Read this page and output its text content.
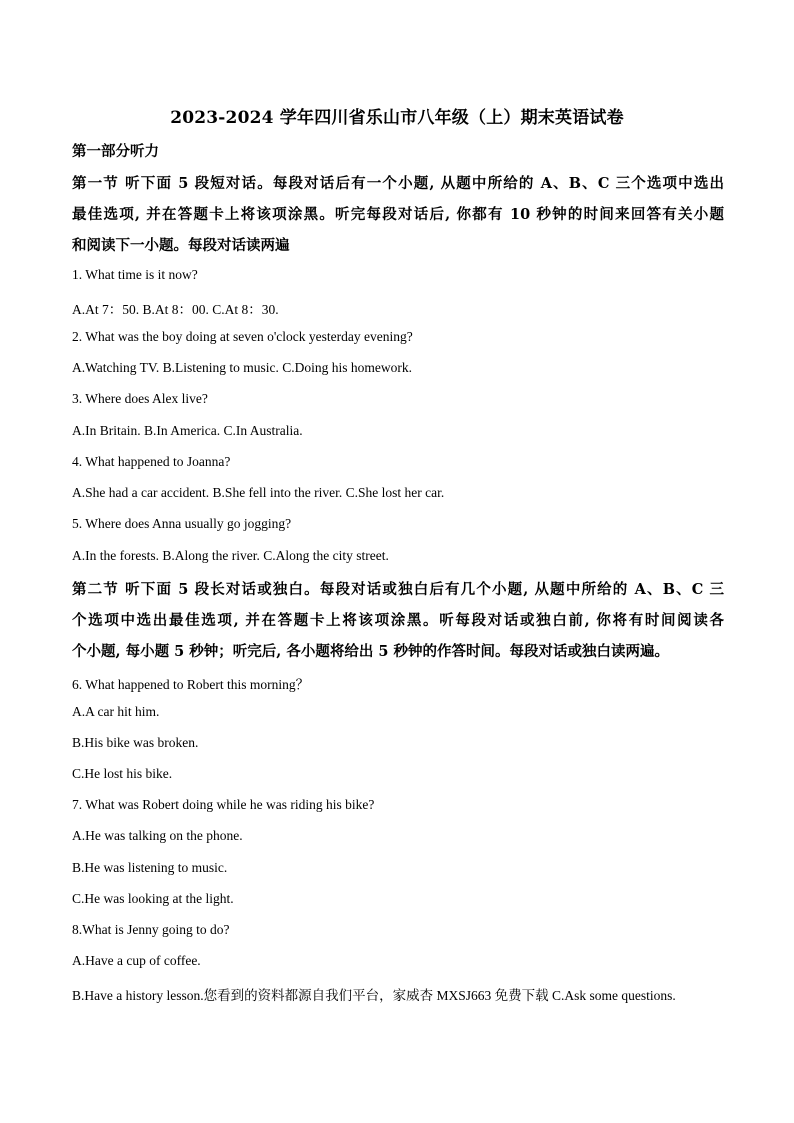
2023-2024 学年四川省乐山市八年级（上）期末英语试卷
第一部分听力
第一节 听下面 5 段短对话。每段对话后有一个小题, 从题中所给的 A、B、C 三个选项中选出
最佳选项, 并在答题卡上将该项涂黑。听完每段对话后, 你都有 10 秒钟的时间来回答有关小题
和阅读下一小题。每段对话读两遍
1. What time is it now?
A.At 7：50. B.At 8：00. C.At 8：30.
2. What was the boy doing at seven o'clock yesterday evening?
A.Watching TV. B.Listening to music. C.Doing his homework.
3. Where does Alex live?
A.In Britain. B.In America. C.In Australia.
4. What happened to Joanna?
A.She had a car accident. B.She fell into the river. C.She lost her car.
5. Where does Anna usually go jogging?
A.In the forests. B.Along the river. C.Along the city street.
第二节 听下面 5 段长对话或独白。每段对话或独白后有几个小题, 从题中所给的 A、B、C 三
个选项中选出最佳选项, 并在答题卡上将该项涂黑。听每段对话或独白前, 你将有时间阅读各
个小题, 每小题 5 秒钟；听完后, 各小题将给出 5 秒钟的作答时间。每段对话或独白读两遍。
6. What happened to Robert this morning？
A.A car hit him.
B.His bike was broken.
C.He lost his bike.
7. What was Robert doing while he was riding his bike?
A.He was talking on the phone.
B.He was listening to music.
C.He was looking at the light.
8.What is Jenny going to do?
A.Have a cup of coffee.
B.Have a history lesson.您看到的资料都源自我们平台，家威杏 MXSJ663 免费下载 C.Ask some questions.
